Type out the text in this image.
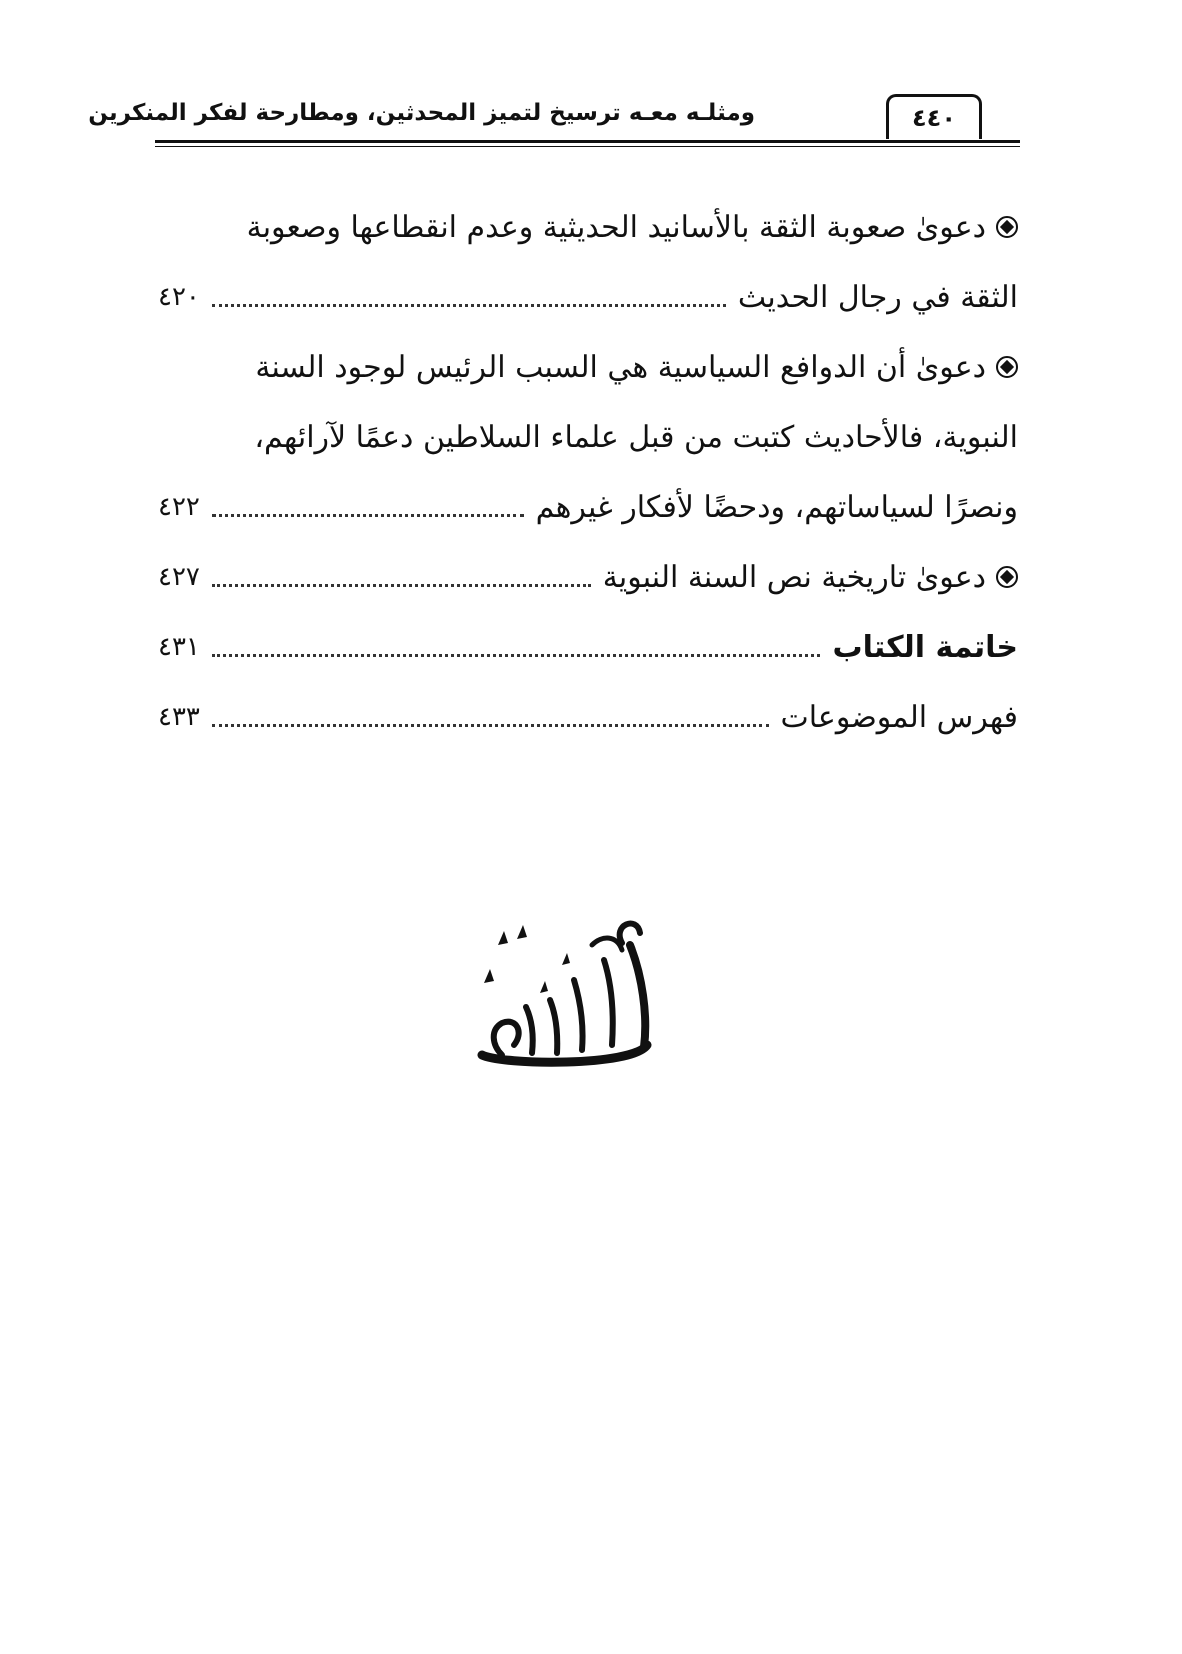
ومثلـه معـه ترسيخ لتميز المحدثين، ومطارحة لفكر المنكرين	٤٤٠
دعوىٰ صعوبة الثقة بالأسانيد الحديثية وعدم انقطاعها وصعوبة
الثقة في رجال الحديث
٤٢٠
دعوىٰ أن الدوافع السياسية هي السبب الرئيس لوجود السنة
النبوية، فالأحاديث كتبت من قبل علماء السلاطين دعمًا لآرائهم،
ونصرًا لسياساتهم، ودحضًا لأفكار غيرهم
٤٢٢
دعوىٰ تاريخية نص السنة النبوية
٤٢٧
خاتمة الكتاب
٤٣١
فهرس الموضوعات
٤٣٣
